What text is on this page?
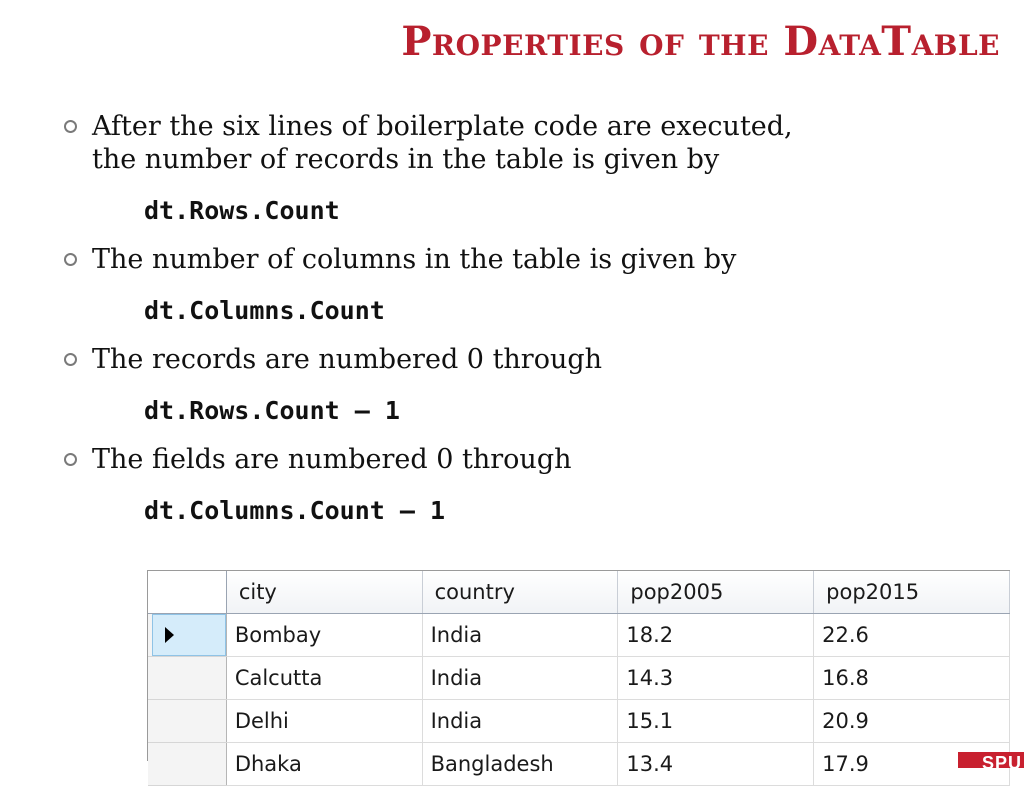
Properties of the DataTable
After the six lines of boilerplate code are executed,
the number of records in the table is given by
dt.Rows.Count
The number of columns in the table is given by
dt.Columns.Count
The records are numbered 0 through
dt.Rows.Count – 1
The fields are numbered 0 through
dt.Columns.Count – 1
	city	country	pop2005	pop2015

	Bombay	India	18.2	22.6
	Calcutta	India	14.3	16.8
	Delhi	India	15.1	20.9
	Dhaka	Bangladesh	13.4	17.9	SPU
